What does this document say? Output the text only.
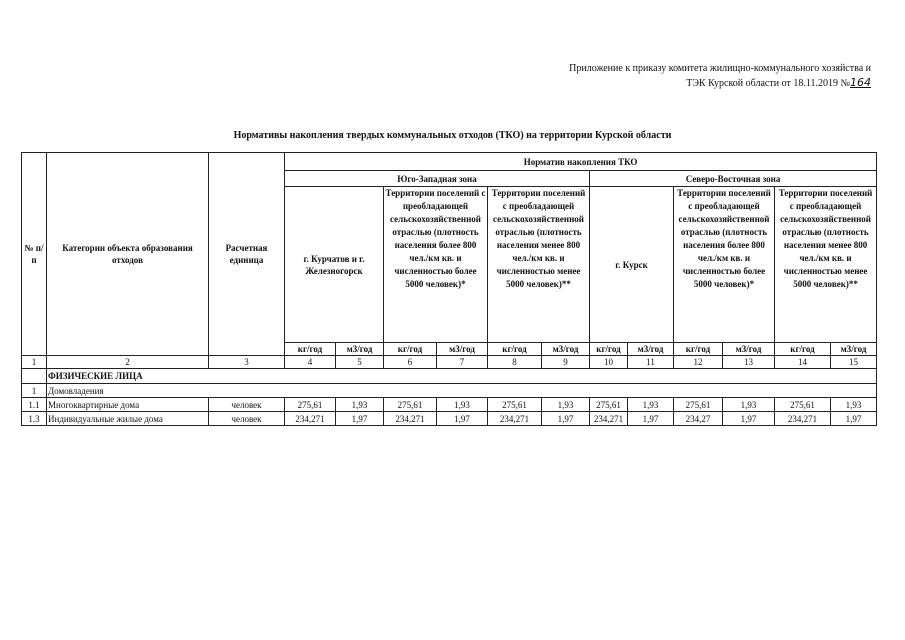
Приложение к приказу комитета жилищно-коммунального хозяйства и
ТЭК Курской области от 18.11.2019 №164
Нормативы накопления твердых коммунальных отходов (ТКО) на территории Курской области
№ п/п	Категории объекта образования отходов	Расчетная единица	Норматив накопления ТКО											
			Юго-Западная зона						Северо-Восточная зона					
			г. Курчатов и г. Железногорск		Территории поселений с преобладающей сельскохозяйственной отраслью (плотность населения более 800 чел./км кв. и численностью более 5000 человек)*		Территории поселений с преобладающей сельскохозяйственной отраслью (плотность населения менее 800 чел./км кв. и численностью менее 5000 человек)**		г. Курск		Территории поселений с преобладающей сельскохозяйственной отраслью (плотность населения более 800 чел./км кв. и численностью более 5000 человек)*		Территории поселений с преобладающей сельскохозяйственной отраслью (плотность населения менее 800 чел./км кв. и численностью менее 5000 человек)**	
			кг/год	м3/год	кг/год	м3/год	кг/год	м3/год	кг/год	м3/год	кг/год	м3/год	кг/год	м3/год
1	2	3	4	5	6	7	8	9	10	11	12	13	14	15
	ФИЗИЧЕСКИЕ ЛИЦА													
1	Домовладения													
1.1	Многоквартирные дома	человек	275,61	1,93	275,61	1,93	275,61	1,93	275,61	1,93	275,61	1,93	275,61	1,93
1.3	Индивидуальные жилые дома	человек	234,271	1,97	234,271	1,97	234,271	1,97	234,271	1,97	234,27	1,97	234,271	1,97
